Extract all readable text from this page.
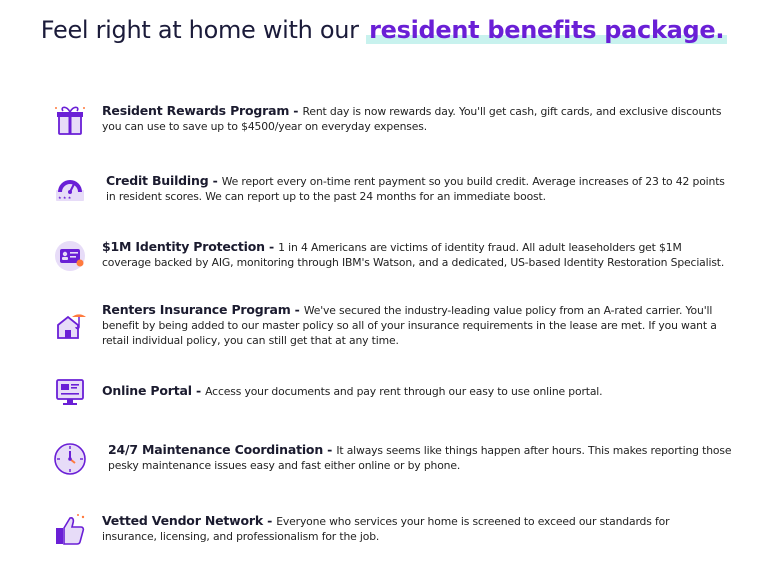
Feel right at home with our resident benefits package.
Resident Rewards Program - Rent day is now rewards day. You'll get cash, gift cards, and exclusive discounts you can use to save up to $4500/year on everyday expenses.
★ ★ ★
Credit Building - We report every on-time rent payment so you build credit. Average increases of 23 to 42 points in resident scores. We can report up to the past 24 months for an immediate boost.
$1M Identity Protection - 1 in 4 Americans are victims of identity fraud. All adult leaseholders get $1M coverage backed by AIG, monitoring through IBM's Watson, and a dedicated, US-based Identity Restoration Specialist.
Renters Insurance Program - We've secured the industry-leading value policy from an A-rated carrier. You'll benefit by being added to our master policy so all of your insurance requirements in the lease are met. If you want a retail individual policy, you can still get that at any time.
Online Portal - Access your documents and pay rent through our easy to use online portal.
24/7 Maintenance Coordination - It always seems like things happen after hours. This makes reporting those pesky maintenance issues easy and fast either online or by phone.
Vetted Vendor Network - Everyone who services your home is screened to exceed our standards for insurance, licensing, and professionalism for the job.
